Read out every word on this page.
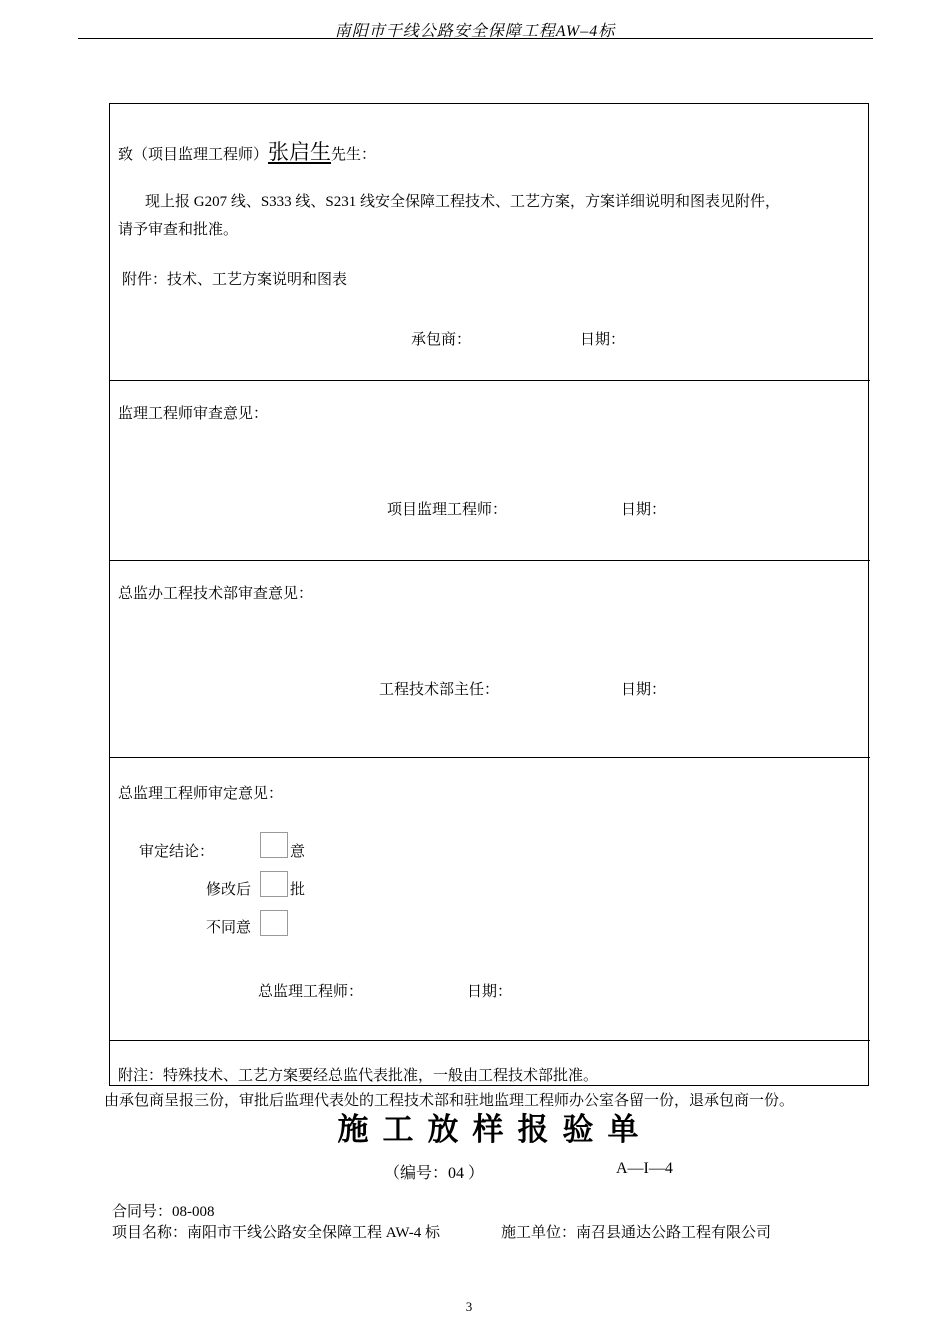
南阳市干线公路安全保障工程AW–4标
致（项目监理工程师）张启生先生：
现上报 G207 线、S333 线、S231 线安全保障工程技术、工艺方案，方案详细说明和图表见附件，
请予审查和批准。
附件：技术、工艺方案说明和图表
承包商：	日期：
监理工程师审查意见：
项目监理工程师：	日期：
总监办工程技术部审查意见：
工程技术部主任：	日期：
总监理工程师审定意见：
审定结论：	意
修改后	批
不同意
总监理工程师：	日期：
附注：特殊技术、工艺方案要经总监代表批准，一般由工程技术部批准。
由承包商呈报三份，审批后监理代表处的工程技术部和驻地监理工程师办公室各留一份，退承包商一份。
施工放样报验单
（编号：04 ）	A—I—4
合同号：08-008
项目名称：南阳市干线公路安全保障工程 AW-4 标	施工单位：南召县通达公路工程有限公司
3
